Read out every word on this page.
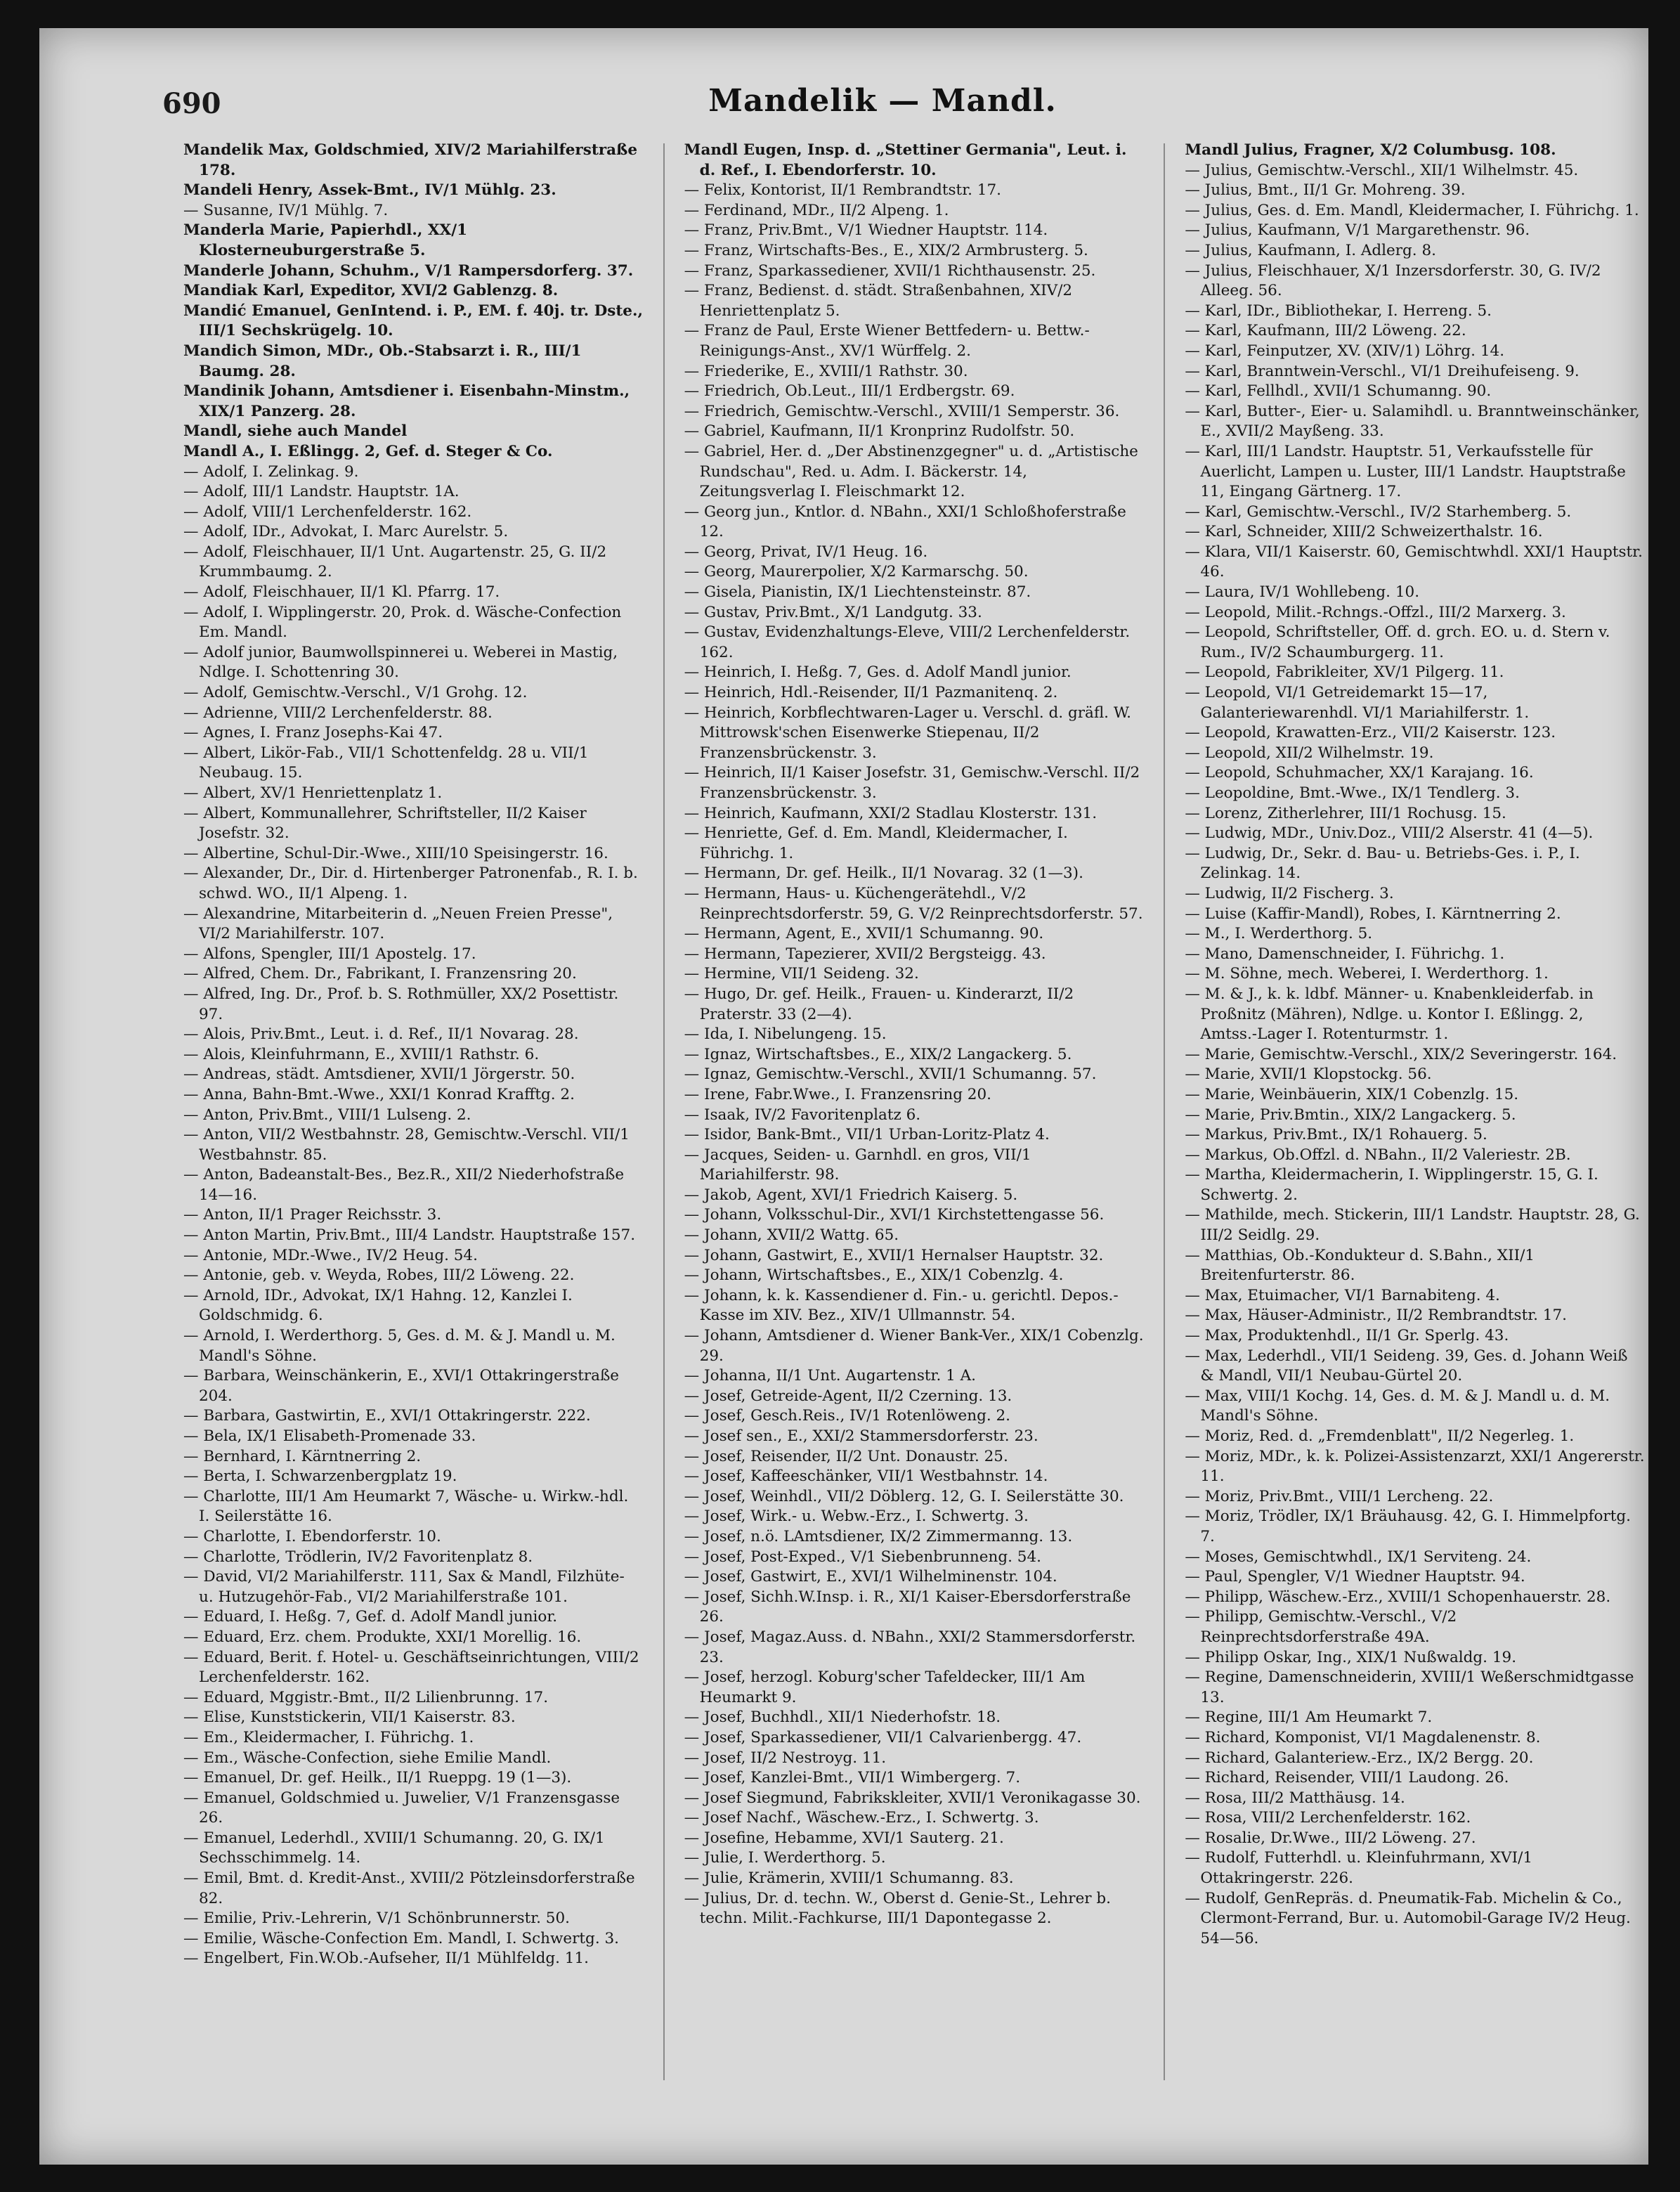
690	Mandelik — Mandl.

Mandelik Max, Goldschmied, XIV/2 Mariahilferstraße 178.

Mandeli Henry, Assek-Bmt., IV/1 Mühlg. 23.

— Susanne, IV/1 Mühlg. 7.

Manderla Marie, Papierhdl., XX/1 Klosterneuburgerstraße 5.

Manderle Johann, Schuhm., V/1 Rampersdorferg. 37.

Mandiak Karl, Expeditor, XVI/2 Gablenzg. 8.

Mandić Emanuel, GenIntend. i. P., EM. f. 40j. tr. Dste., III/1 Sechskrügelg. 10.

Mandich Simon, MDr., Ob.-Stabsarzt i. R., III/1 Baumg. 28.

Mandinik Johann, Amtsdiener i. Eisenbahn-Minstm., XIX/1 Panzerg. 28.

Mandl, siehe auch Mandel

Mandl A., I. Eßlingg. 2, Gef. d. Steger & Co.

— Adolf, I. Zelinkag. 9.

— Adolf, III/1 Landstr. Hauptstr. 1A.

— Adolf, VIII/1 Lerchenfelderstr. 162.

— Adolf, IDr., Advokat, I. Marc Aurelstr. 5.

— Adolf, Fleischhauer, II/1 Unt. Augartenstr. 25, G. II/2 Krummbaumg. 2.

— Adolf, Fleischhauer, II/1 Kl. Pfarrg. 17.

— Adolf, I. Wipplingerstr. 20, Prok. d. Wäsche-Confection Em. Mandl.

— Adolf junior, Baumwollspinnerei u. Weberei in Mastig, Ndlge. I. Schottenring 30.

— Adolf, Gemischtw.-Verschl., V/1 Grohg. 12.

— Adrienne, VIII/2 Lerchenfelderstr. 88.

— Agnes, I. Franz Josephs-Kai 47.

— Albert, Likör-Fab., VII/1 Schottenfeldg. 28 u. VII/1 Neubaug. 15.

— Albert, XV/1 Henriettenplatz 1.

— Albert, Kommunallehrer, Schriftsteller, II/2 Kaiser Josefstr. 32.

— Albertine, Schul-Dir.-Wwe., XIII/10 Speisingerstr. 16.

— Alexander, Dr., Dir. d. Hirtenberger Patronenfab., R. I. b. schwd. WO., II/1 Alpeng. 1.

— Alexandrine, Mitarbeiterin d. „Neuen Freien Presse", VI/2 Mariahilferstr. 107.

— Alfons, Spengler, III/1 Apostelg. 17.

— Alfred, Chem. Dr., Fabrikant, I. Franzensring 20.

— Alfred, Ing. Dr., Prof. b. S. Rothmüller, XX/2 Posettistr. 97.

— Alois, Priv.Bmt., Leut. i. d. Ref., II/1 Novarag. 28.

— Alois, Kleinfuhrmann, E., XVIII/1 Rathstr. 6.

— Andreas, städt. Amtsdiener, XVII/1 Jörgerstr. 50.

— Anna, Bahn-Bmt.-Wwe., XXI/1 Konrad Krafftg. 2.

— Anton, Priv.Bmt., VIII/1 Lulseng. 2.

— Anton, VII/2 Westbahnstr. 28, Gemischtw.-Verschl. VII/1 Westbahnstr. 85.

— Anton, Badeanstalt-Bes., Bez.R., XII/2 Niederhofstraße 14—16.

— Anton, II/1 Prager Reichsstr. 3.

— Anton Martin, Priv.Bmt., III/4 Landstr. Hauptstraße 157.

— Antonie, MDr.-Wwe., IV/2 Heug. 54.

— Antonie, geb. v. Weyda, Robes, III/2 Löweng. 22.

— Arnold, IDr., Advokat, IX/1 Hahng. 12, Kanzlei I. Goldschmidg. 6.

— Arnold, I. Werderthorg. 5, Ges. d. M. & J. Mandl u. M. Mandl's Söhne.

— Barbara, Weinschänkerin, E., XVI/1 Ottakringerstraße 204.

— Barbara, Gastwirtin, E., XVI/1 Ottakringerstr. 222.

— Bela, IX/1 Elisabeth-Promenade 33.

— Bernhard, I. Kärntnerring 2.

— Berta, I. Schwarzenbergplatz 19.

— Charlotte, III/1 Am Heumarkt 7, Wäsche- u. Wirkw.-hdl. I. Seilerstätte 16.

— Charlotte, I. Ebendorferstr. 10.

— Charlotte, Trödlerin, IV/2 Favoritenplatz 8.

— David, VI/2 Mariahilferstr. 111, Sax & Mandl, Filzhüte- u. Hutzugehör-Fab., VI/2 Mariahilferstraße 101.

— Eduard, I. Heßg. 7, Gef. d. Adolf Mandl junior.

— Eduard, Erz. chem. Produkte, XXI/1 Morellig. 16.

— Eduard, Berit. f. Hotel- u. Geschäftseinrichtungen, VIII/2 Lerchenfelderstr. 162.

— Eduard, Mggistr.-Bmt., II/2 Lilienbrunng. 17.

— Elise, Kunststickerin, VII/1 Kaiserstr. 83.

— Em., Kleidermacher, I. Führichg. 1.

— Em., Wäsche-Confection, siehe Emilie Mandl.

— Emanuel, Dr. gef. Heilk., II/1 Rueppg. 19 (1—3).

— Emanuel, Goldschmied u. Juwelier, V/1 Franzensgasse 26.

— Emanuel, Lederhdl., XVIII/1 Schumanng. 20, G. IX/1 Sechsschimmelg. 14.

— Emil, Bmt. d. Kredit-Anst., XVIII/2 Pötzleinsdorferstraße 82.

— Emilie, Priv.-Lehrerin, V/1 Schönbrunnerstr. 50.

— Emilie, Wäsche-Confection Em. Mandl, I. Schwertg. 3.

— Engelbert, Fin.W.Ob.-Aufseher, II/1 Mühlfeldg. 11.

Mandl Eugen, Insp. d. „Stettiner Germania", Leut. i. d. Ref., I. Ebendorferstr. 10.

— Felix, Kontorist, II/1 Rembrandtstr. 17.

— Ferdinand, MDr., II/2 Alpeng. 1.

— Franz, Priv.Bmt., V/1 Wiedner Hauptstr. 114.

— Franz, Wirtschafts-Bes., E., XIX/2 Armbrusterg. 5.

— Franz, Sparkassediener, XVII/1 Richthausenstr. 25.

— Franz, Bedienst. d. städt. Straßenbahnen, XIV/2 Henriettenplatz 5.

— Franz de Paul, Erste Wiener Bettfedern- u. Bettw.-Reinigungs-Anst., XV/1 Würffelg. 2.

— Friederike, E., XVIII/1 Rathstr. 30.

— Friedrich, Ob.Leut., III/1 Erdbergstr. 69.

— Friedrich, Gemischtw.-Verschl., XVIII/1 Semperstr. 36.

— Gabriel, Kaufmann, II/1 Kronprinz Rudolfstr. 50.

— Gabriel, Her. d. „Der Abstinenzgegner" u. d. „Artistische Rundschau", Red. u. Adm. I. Bäckerstr. 14, Zeitungsverlag I. Fleischmarkt 12.

— Georg jun., Kntlor. d. NBahn., XXI/1 Schloßhoferstraße 12.

— Georg, Privat, IV/1 Heug. 16.

— Georg, Maurerpolier, X/2 Karmarschg. 50.

— Gisela, Pianistin, IX/1 Liechtensteinstr. 87.

— Gustav, Priv.Bmt., X/1 Landgutg. 33.

— Gustav, Evidenzhaltungs-Eleve, VIII/2 Lerchenfelderstr. 162.

— Heinrich, I. Heßg. 7, Ges. d. Adolf Mandl junior.

— Heinrich, Hdl.-Reisender, II/1 Pazmanitenq. 2.

— Heinrich, Korbflechtwaren-Lager u. Verschl. d. gräfl. W. Mittrowsk'schen Eisenwerke Stiepenau, II/2 Franzensbrückenstr. 3.

— Heinrich, II/1 Kaiser Josefstr. 31, Gemischw.-Verschl. II/2 Franzensbrückenstr. 3.

— Heinrich, Kaufmann, XXI/2 Stadlau Klosterstr. 131.

— Henriette, Gef. d. Em. Mandl, Kleidermacher, I. Führichg. 1.

— Hermann, Dr. gef. Heilk., II/1 Novarag. 32 (1—3).

— Hermann, Haus- u. Küchengerätehdl., V/2 Reinprechtsdorferstr. 59, G. V/2 Reinprechtsdorferstr. 57.

— Hermann, Agent, E., XVII/1 Schumanng. 90.

— Hermann, Tapezierer, XVII/2 Bergsteigg. 43.

— Hermine, VII/1 Seideng. 32.

— Hugo, Dr. gef. Heilk., Frauen- u. Kinderarzt, II/2 Praterstr. 33 (2—4).

— Ida, I. Nibelungeng. 15.

— Ignaz, Wirtschaftsbes., E., XIX/2 Langackerg. 5.

— Ignaz, Gemischtw.-Verschl., XVII/1 Schumanng. 57.

— Irene, Fabr.Wwe., I. Franzensring 20.

— Isaak, IV/2 Favoritenplatz 6.

— Isidor, Bank-Bmt., VII/1 Urban-Loritz-Platz 4.

— Jacques, Seiden- u. Garnhdl. en gros, VII/1 Mariahilferstr. 98.

— Jakob, Agent, XVI/1 Friedrich Kaiserg. 5.

— Johann, Volksschul-Dir., XVI/1 Kirchstettengasse 56.

— Johann, XVII/2 Wattg. 65.

— Johann, Gastwirt, E., XVII/1 Hernalser Hauptstr. 32.

— Johann, Wirtschaftsbes., E., XIX/1 Cobenzlg. 4.

— Johann, k. k. Kassendiener d. Fin.- u. gerichtl. Depos.-Kasse im XIV. Bez., XIV/1 Ullmannstr. 54.

— Johann, Amtsdiener d. Wiener Bank-Ver., XIX/1 Cobenzlg. 29.

— Johanna, II/1 Unt. Augartenstr. 1 A.

— Josef, Getreide-Agent, II/2 Czerning. 13.

— Josef, Gesch.Reis., IV/1 Rotenlöweng. 2.

— Josef sen., E., XXI/2 Stammersdorferstr. 23.

— Josef, Reisender, II/2 Unt. Donaustr. 25.

— Josef, Kaffeeschänker, VII/1 Westbahnstr. 14.

— Josef, Weinhdl., VII/2 Döblerg. 12, G. I. Seilerstätte 30.

— Josef, Wirk.- u. Webw.-Erz., I. Schwertg. 3.

— Josef, n.ö. LAmtsdiener, IX/2 Zimmermanng. 13.

— Josef, Post-Exped., V/1 Siebenbrunneng. 54.

— Josef, Gastwirt, E., XVI/1 Wilhelminenstr. 104.

— Josef, Sichh.W.Insp. i. R., XI/1 Kaiser-Ebersdorferstraße 26.

— Josef, Magaz.Auss. d. NBahn., XXI/2 Stammersdorferstr. 23.

— Josef, herzogl. Koburg'scher Tafeldecker, III/1 Am Heumarkt 9.

— Josef, Buchhdl., XII/1 Niederhofstr. 18.

— Josef, Sparkassediener, VII/1 Calvarienbergg. 47.

— Josef, II/2 Nestroyg. 11.

— Josef, Kanzlei-Bmt., VII/1 Wimbergerg. 7.

— Josef Siegmund, Fabrikskleiter, XVII/1 Veronikagasse 30.

— Josef Nachf., Wäschew.-Erz., I. Schwertg. 3.

— Josefine, Hebamme, XVI/1 Sauterg. 21.

— Julie, I. Werderthorg. 5.

— Julie, Krämerin, XVIII/1 Schumanng. 83.

— Julius, Dr. d. techn. W., Oberst d. Genie-St., Lehrer b. techn. Milit.-Fachkurse, III/1 Dapontegasse 2.

Mandl Julius, Fragner, X/2 Columbusg. 108.

— Julius, Gemischtw.-Verschl., XII/1 Wilhelmstr. 45.

— Julius, Bmt., II/1 Gr. Mohreng. 39.

— Julius, Ges. d. Em. Mandl, Kleidermacher, I. Führichg. 1.

— Julius, Kaufmann, V/1 Margarethenstr. 96.

— Julius, Kaufmann, I. Adlerg. 8.

— Julius, Fleischhauer, X/1 Inzersdorferstr. 30, G. IV/2 Alleeg. 56.

— Karl, IDr., Bibliothekar, I. Herreng. 5.

— Karl, Kaufmann, III/2 Löweng. 22.

— Karl, Feinputzer, XV. (XIV/1) Löhrg. 14.

— Karl, Branntwein-Verschl., VI/1 Dreihufeiseng. 9.

— Karl, Fellhdl., XVII/1 Schumanng. 90.

— Karl, Butter-, Eier- u. Salamihdl. u. Branntweinschänker, E., XVII/2 Mayßeng. 33.

— Karl, III/1 Landstr. Hauptstr. 51, Verkaufsstelle für Auerlicht, Lampen u. Luster, III/1 Landstr. Hauptstraße 11, Eingang Gärtnerg. 17.

— Karl, Gemischtw.-Verschl., IV/2 Starhemberg. 5.

— Karl, Schneider, XIII/2 Schweizerthalstr. 16.

— Klara, VII/1 Kaiserstr. 60, Gemischtwhdl. XXI/1 Hauptstr. 46.

— Laura, IV/1 Wohllebeng. 10.

— Leopold, Milit.-Rchngs.-Offzl., III/2 Marxerg. 3.

— Leopold, Schriftsteller, Off. d. grch. EO. u. d. Stern v. Rum., IV/2 Schaumburgerg. 11.

— Leopold, Fabrikleiter, XV/1 Pilgerg. 11.

— Leopold, VI/1 Getreidemarkt 15—17, Galanteriewarenhdl. VI/1 Mariahilferstr. 1.

— Leopold, Krawatten-Erz., VII/2 Kaiserstr. 123.

— Leopold, XII/2 Wilhelmstr. 19.

— Leopold, Schuhmacher, XX/1 Karajang. 16.

— Leopoldine, Bmt.-Wwe., IX/1 Tendlerg. 3.

— Lorenz, Zitherlehrer, III/1 Rochusg. 15.

— Ludwig, MDr., Univ.Doz., VIII/2 Alserstr. 41 (4—5).

— Ludwig, Dr., Sekr. d. Bau- u. Betriebs-Ges. i. P., I. Zelinkag. 14.

— Ludwig, II/2 Fischerg. 3.

— Luise (Kaffir-Mandl), Robes, I. Kärntnerring 2.

— M., I. Werderthorg. 5.

— Mano, Damenschneider, I. Führichg. 1.

— M. Söhne, mech. Weberei, I. Werderthorg. 1.

— M. & J., k. k. ldbf. Männer- u. Knabenkleiderfab. in Proßnitz (Mähren), Ndlge. u. Kontor I. Eßlingg. 2, Amtss.-Lager I. Rotenturmstr. 1.

— Marie, Gemischtw.-Verschl., XIX/2 Severingerstr. 164.

— Marie, XVII/1 Klopstockg. 56.

— Marie, Weinbäuerin, XIX/1 Cobenzlg. 15.

— Marie, Priv.Bmtin., XIX/2 Langackerg. 5.

— Markus, Priv.Bmt., IX/1 Rohauerg. 5.

— Markus, Ob.Offzl. d. NBahn., II/2 Valeriestr. 2B.

— Martha, Kleidermacherin, I. Wipplingerstr. 15, G. I. Schwertg. 2.

— Mathilde, mech. Stickerin, III/1 Landstr. Hauptstr. 28, G. III/2 Seidlg. 29.

— Matthias, Ob.-Kondukteur d. S.Bahn., XII/1 Breitenfurterstr. 86.

— Max, Etuimacher, VI/1 Barnabiteng. 4.

— Max, Häuser-Administr., II/2 Rembrandtstr. 17.

— Max, Produktenhdl., II/1 Gr. Sperlg. 43.

— Max, Lederhdl., VII/1 Seideng. 39, Ges. d. Johann Weiß & Mandl, VII/1 Neubau-Gürtel 20.

— Max, VIII/1 Kochg. 14, Ges. d. M. & J. Mandl u. d. M. Mandl's Söhne.

— Moriz, Red. d. „Fremdenblatt", II/2 Negerleg. 1.

— Moriz, MDr., k. k. Polizei-Assistenzarzt, XXI/1 Angererstr. 11.

— Moriz, Priv.Bmt., VIII/1 Lercheng. 22.

— Moriz, Trödler, IX/1 Bräuhausg. 42, G. I. Himmelpfortg. 7.

— Moses, Gemischtwhdl., IX/1 Serviteng. 24.

— Paul, Spengler, V/1 Wiedner Hauptstr. 94.

— Philipp, Wäschew.-Erz., XVIII/1 Schopenhauerstr. 28.

— Philipp, Gemischtw.-Verschl., V/2 Reinprechtsdorferstraße 49A.

— Philipp Oskar, Ing., XIX/1 Nußwaldg. 19.

— Regine, Damenschneiderin, XVIII/1 Weßerschmidtgasse 13.

— Regine, III/1 Am Heumarkt 7.

— Richard, Komponist, VI/1 Magdalenenstr. 8.

— Richard, Galanteriew.-Erz., IX/2 Bergg. 20.

— Richard, Reisender, VIII/1 Laudong. 26.

— Rosa, III/2 Matthäusg. 14.

— Rosa, VIII/2 Lerchenfelderstr. 162.

— Rosalie, Dr.Wwe., III/2 Löweng. 27.

— Rudolf, Futterhdl. u. Kleinfuhrmann, XVI/1 Ottakringerstr. 226.

— Rudolf, GenRepräs. d. Pneumatik-Fab. Michelin & Co., Clermont-Ferrand, Bur. u. Automobil-Garage IV/2 Heug. 54—56.
